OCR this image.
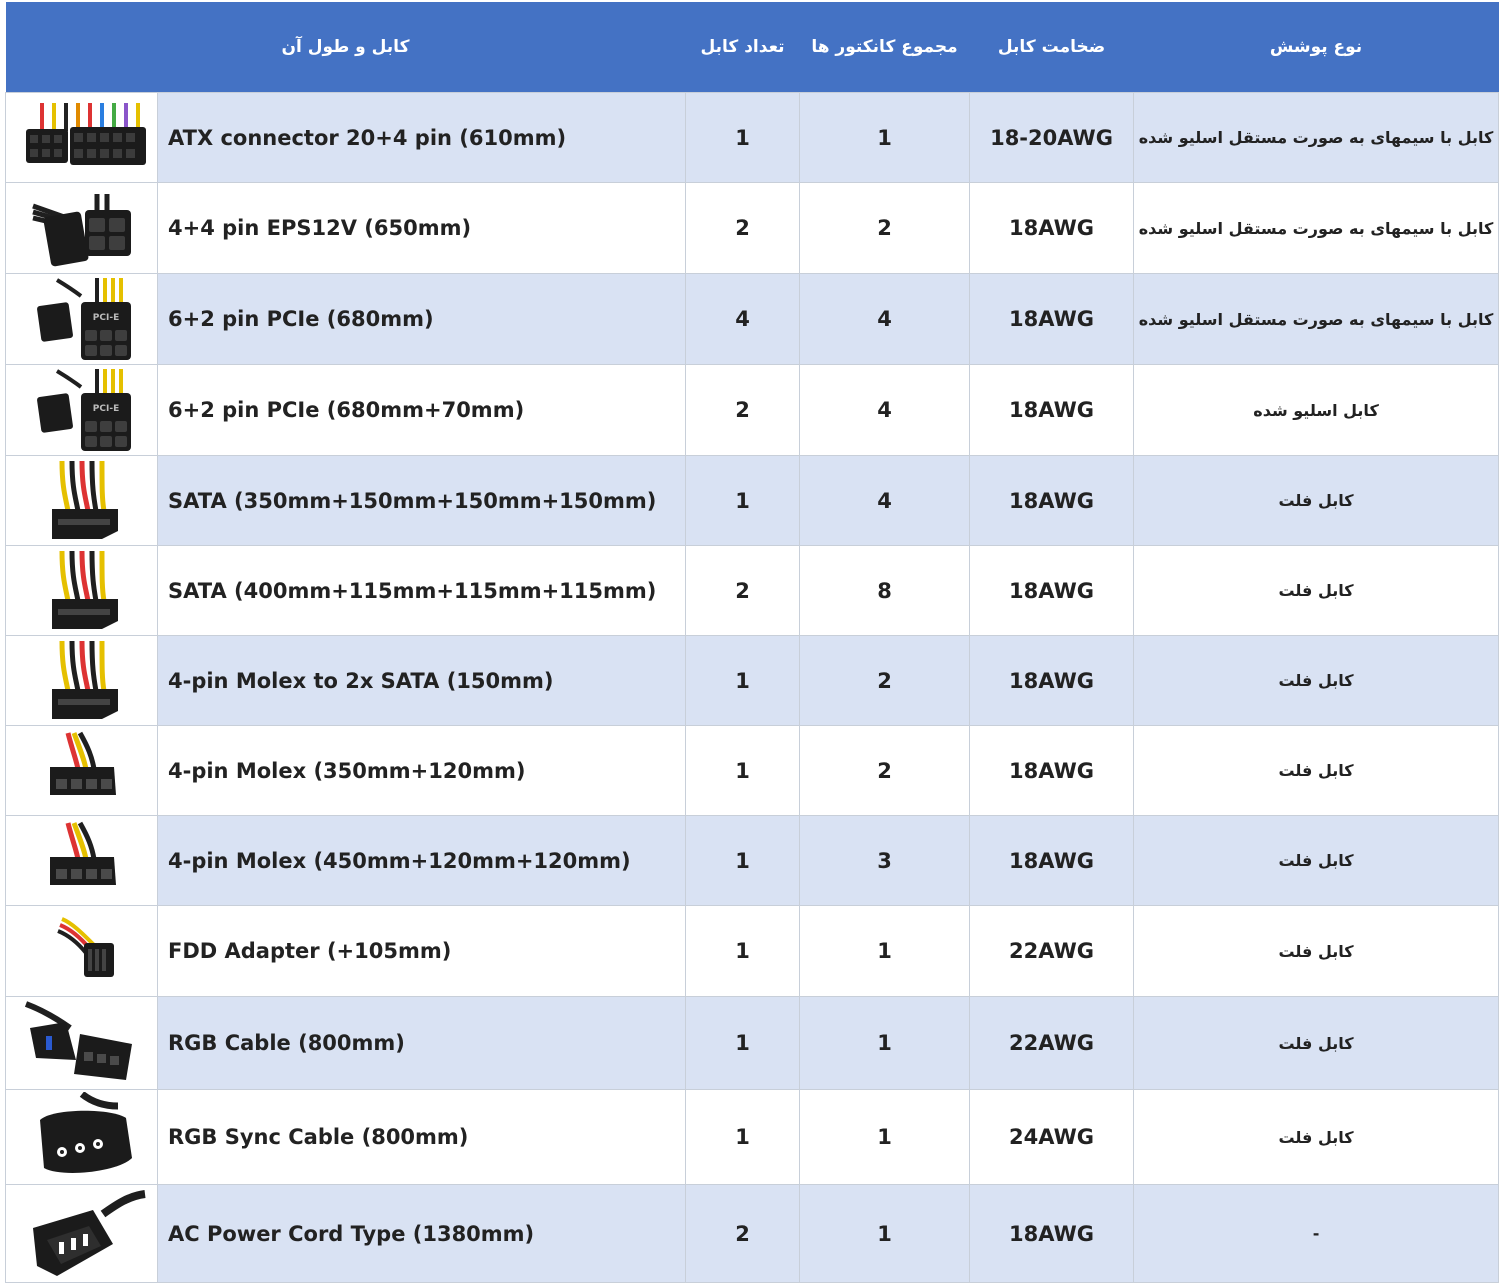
کابل و طول آن		تعداد کابل	مجموع کانکتور ها	ضخامت کابل	نوع پوشش

	ATX connector 20+4 pin (610mm)	1	1	18-20AWG	کابل با سیمهای به صورت مستقل اسلیو شده

	4+4 pin EPS12V (650mm)	2	2	18AWG	کابل با سیمهای به صورت مستقل اسلیو شده

PCI-E	6+2 pin PCIe (680mm)	4	4	18AWG	کابل با سیمهای به صورت مستقل اسلیو شده

PCI-E	6+2 pin PCIe (680mm+70mm)	2	4	18AWG	کابل اسلیو شده

	SATA (350mm+150mm+150mm+150mm)	1	4	18AWG	کابل فلت

	SATA (400mm+115mm+115mm+115mm)	2	8	18AWG	کابل فلت

	4-pin Molex to 2x SATA (150mm)	1	2	18AWG	کابل فلت

	4-pin Molex (350mm+120mm)	1	2	18AWG	کابل فلت

	4-pin Molex (450mm+120mm+120mm)	1	3	18AWG	کابل فلت

	FDD Adapter (+105mm)	1	1	22AWG	کابل فلت

	RGB Cable (800mm)	1	1	22AWG	کابل فلت

	RGB Sync Cable (800mm)	1	1	24AWG	کابل فلت

	AC Power Cord Type (1380mm)	2	1	18AWG	-
